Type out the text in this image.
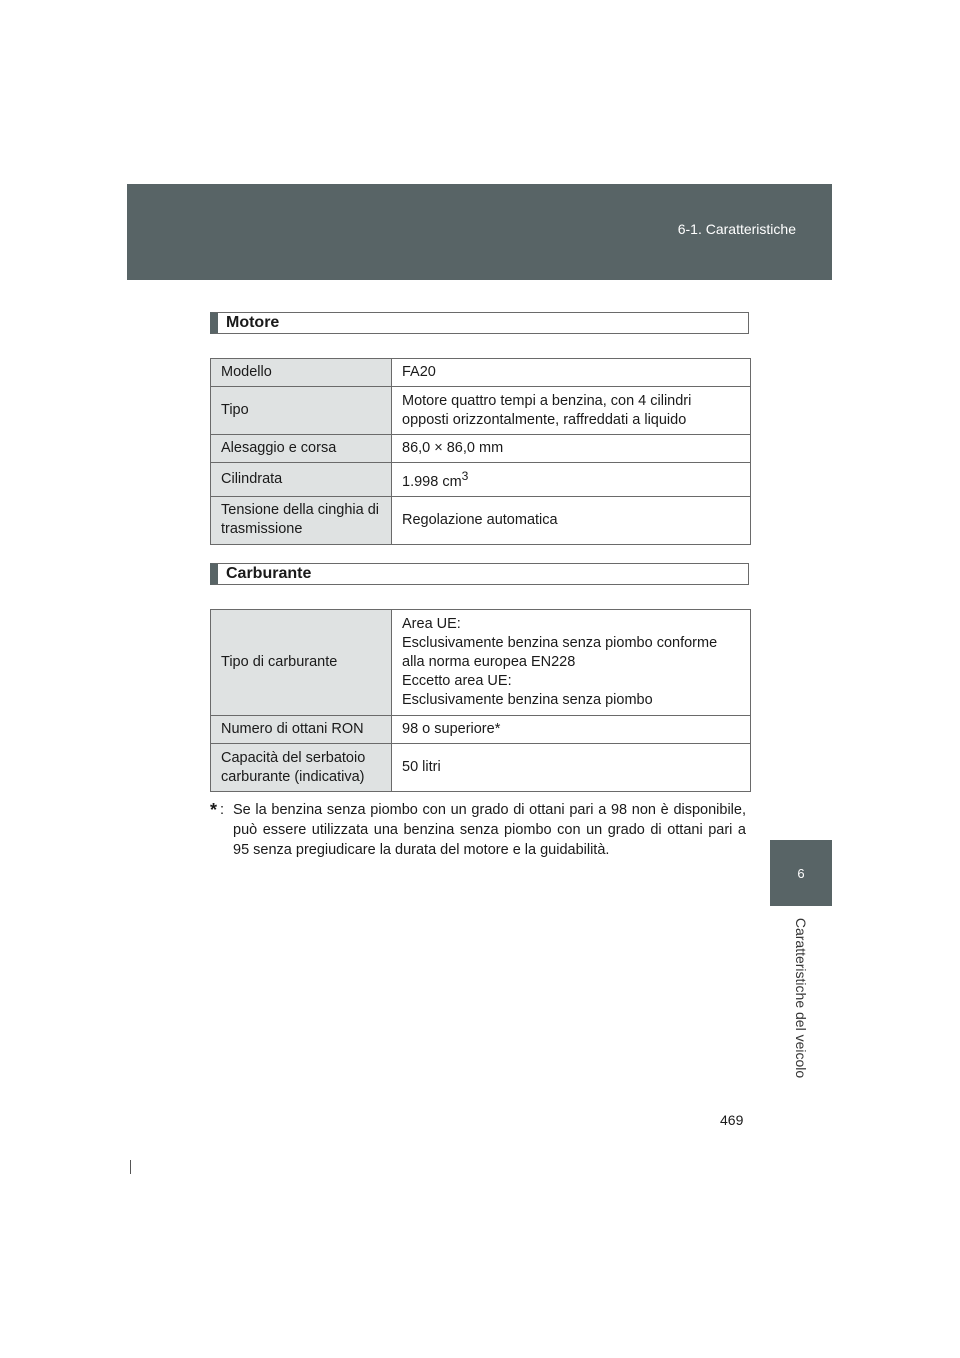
6-1. Caratteristiche
Motore
Modello	FA20
Tipo	Motore quattro tempi a benzina, con 4 cilindri opposti orizzontalmente, raffreddati a liquido
Alesaggio e corsa	86,0 × 86,0 mm
Cilindrata	1.998 $cm^3$
Tensione della cinghia di trasmissione	Regolazione automatica
Carburante
Tipo di carburante	Area UE:
Esclusivamente benzina senza piombo conforme alla norma europea EN228
Eccetto area UE:
Esclusivamente benzina senza piombo

Numero di ottani RON	98 o superiore*
Capacità del serbatoio carburante (indicativa)	50 litri
* : Se la benzina senza piombo con un grado di ottani pari a 98 non è disponibile, può essere utilizzata una benzina senza piombo con un grado di ottani pari a 95 senza pregiudicare la durata del motore e la guidabilità.
6
Caratteristiche del veicolo
469
